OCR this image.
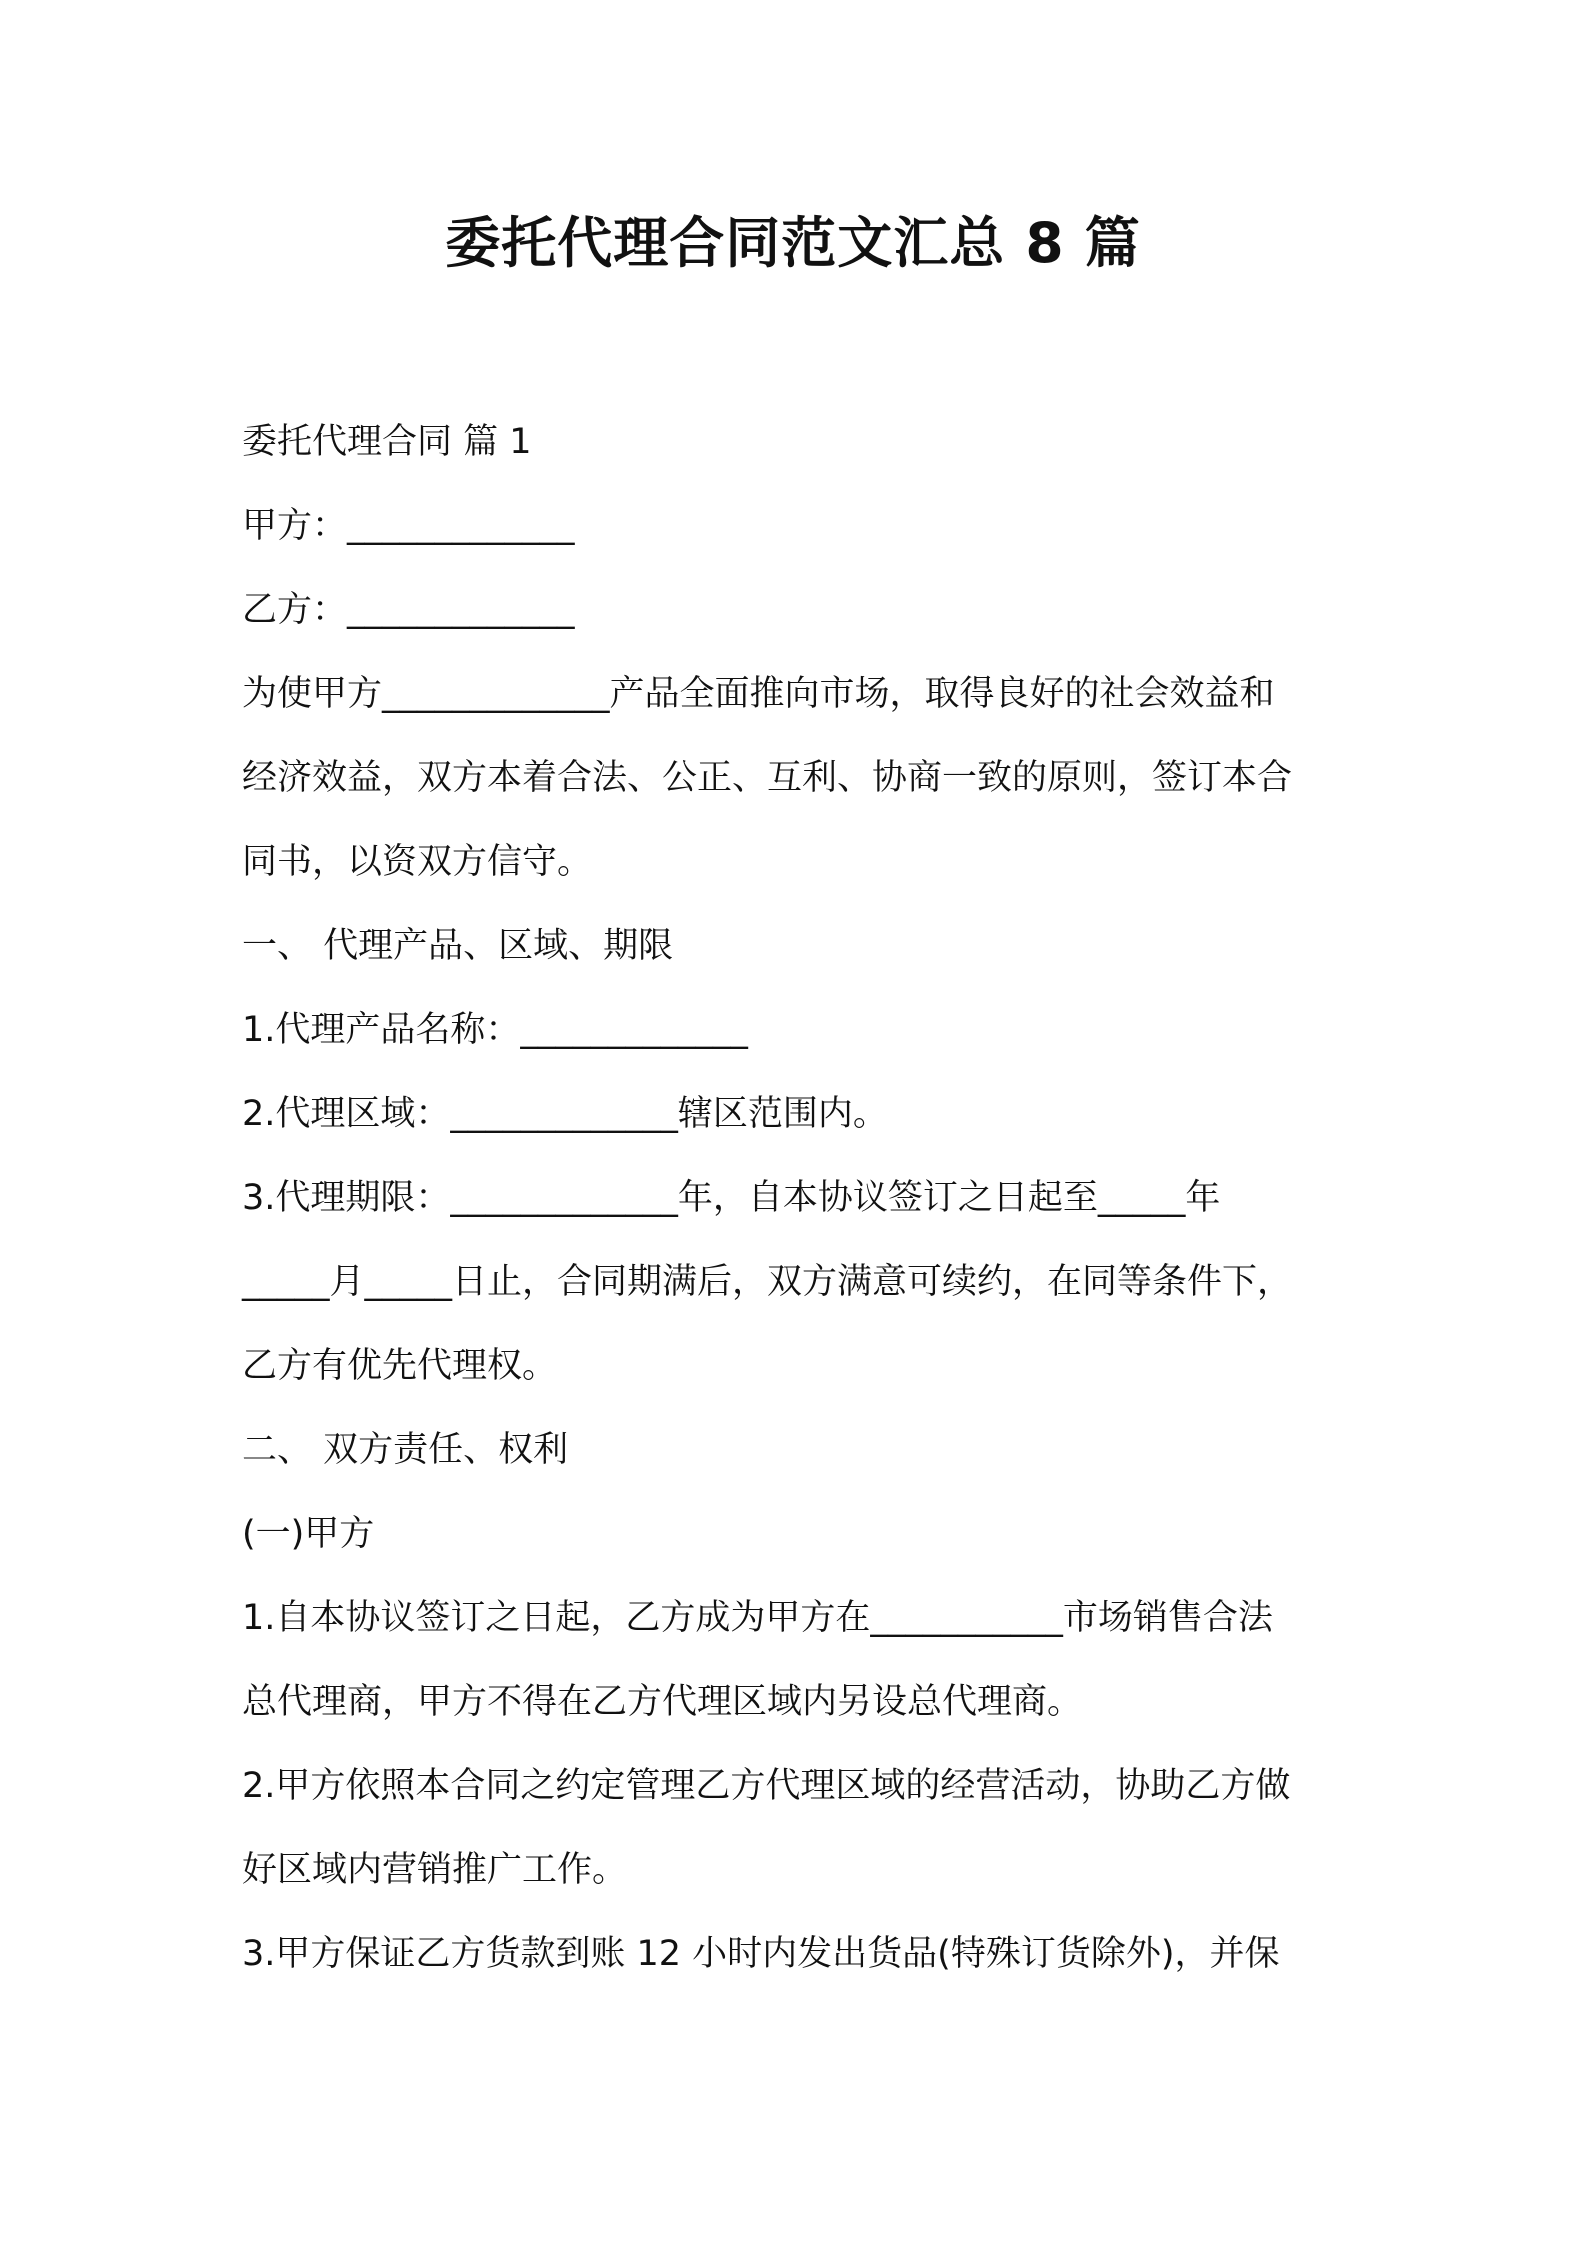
委托代理合同范文汇总 8 篇
委托代理合同 篇 1
甲方：_____________
乙方：_____________
为使甲方_____________产品全面推向市场，取得良好的社会效益和
经济效益，双方本着合法、公正、互利、协商一致的原则，签订本合
同书，以资双方信守。
一、 代理产品、区域、期限
1.代理产品名称：_____________
2.代理区域：_____________辖区范围内。
3.代理期限：_____________年，自本协议签订之日起至_____年
_____月_____日止，合同期满后，双方满意可续约，在同等条件下，
乙方有优先代理权。
二、 双方责任、权利
(一)甲方
1.自本协议签订之日起，乙方成为甲方在___________市场销售合法
总代理商，甲方不得在乙方代理区域内另设总代理商。
2.甲方依照本合同之约定管理乙方代理区域的经营活动，协助乙方做
好区域内营销推广工作。
3.甲方保证乙方货款到账 12 小时内发出货品(特殊订货除外)，并保
